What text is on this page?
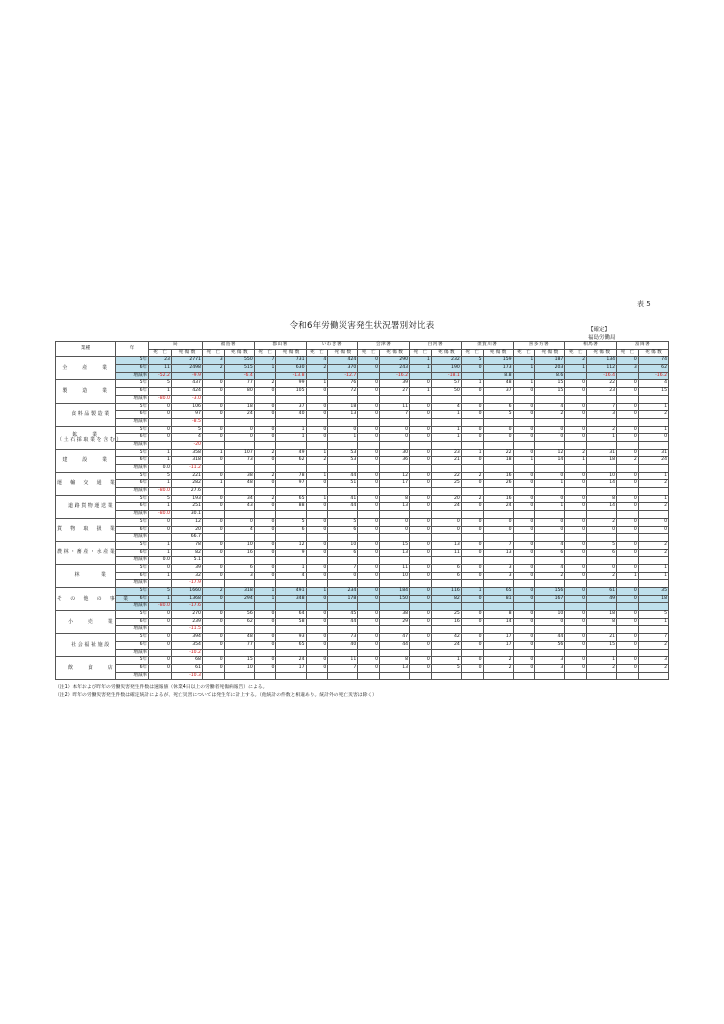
表 5
令和6年労働災害発生状況署別対比表	【確定】
福島労働局
業種	年	局		福島署		郡山署		いわき署		会津署		白河署		須賀川署		喜多方署		相馬署		富岡署	
		死　亡	死 傷 数	死　亡	死 傷 数	死　亡	死 傷 数	死　亡	死 傷 数	死　亡	死 傷 数	死　亡	死 傷 数	死　亡	死 傷 数	死　亡	死 傷 数	死　亡	死 傷 数	死　亡	死 傷 数
全　　産　　業	5年	23	2771	3	550	7	731	4	424	0	290	1	232	5	159	1	187	2	134	0	74
	6年	11	2498	2	515	1	630	2	370	0	243	1	190	0	173	1	203	1	112	3	62
	増減率	-52.2	-9.9		-6.4		-13.8		-12.7		-16.2		-18.1		8.8		8.6		-16.4		-16.2
製　　造　　業	5年	5	437	0	77	2	99	1	76	0	39	0	57	1	48	1	15	0	22	0	4
	6年	1	424	0	80	0	105	0	72	0	27	1	50	0	37	0	15	0	23	0	15
	増減率	-80.0	-3.0																		
食料品製造業	5年	0	106	0	18	0	37	0	18	0	11	0	4	0	6	0	4	0	7	0	1
	6年	0	97	0	24	0	40	0	13	0	7	0	1	0	5	0	2	0	3	0	2
	増減率		-8.5																		
鉱　　業
（土石採取業を含む）	5年	0	5	0	0	0	1	0	0	0	0	0	1	0	0	0	0	0	2	0	1
	6年	0	4	0	0	0	1	0	1	0	0	0	1	0	0	0	0	0	1	0	0
	増減率		-20																		
建　　設　　業	5年	1	358	1	107	2	49	1	53	0	30	0	23	1	22	0	12	2	31	0	31
	6年	1	318	0	73	0	62	2	53	0	36	0	21	0	18	1	14	1	18	2	24
	増減率	0.0	-11.2																		
運　輸　交　通　業	5年	5	221	0	38	2	78	1	44	0	12	0	22	2	16	0	0	0	10	0	1
	6年	1	282	1	48	0	97	0	51	0	17	0	25	0	26	0	1	0	14	0	2
	増減率	-80.0	27.6																		
道路貨物運送業	5年	5	193	0	34	2	65	1	41	0	8	0	20	2	16	0	0	0	8	0	1
	6年	1	251	0	43	0	88	0	44	0	13	0	24	0	24	0	1	0	14	0	2
	増減率	-80.0	30.1																		
貨　物　取　扱　業	5年	0	12	0	0	0	5	0	5	0	0	0	0	0	0	0	0	0	2	0	0
	6年	0	20	0	4	0	6	0	6	0	0	0	0	0	0	0	0	0	0	0	0
	増減率		66.7																		
農林・畜産・水産業	5年	1	78	0	10	0	12	0	10	0	15	0	13	0	7	0	4	0	5	0	2
	6年	1	82	0	16	0	9	0	6	0	13	0	11	0	13	0	6	0	6	0	2
	増減率	0.0	5.1																		
林　　　業	5年	0	39	0	6	0	1	0	7	0	11	0	6	0	3	0	4	0	0	0	1
	6年	1	32	0	3	0	4	0	0	0	10	0	6	0	3	0	2	0	2	1	1
	増減率		-17.9																		
そ　の　他　の　事　業	5年	5	1660	2	318	1	491	1	234	0	184	0	116	1	65	0	156	0	61	0	35
	6年	1	1368	0	294	1	348	0	178	0	150	0	82	0	81	0	167	0	49	0	18
	増減率	-80.0	-17.6																		
小　　売　　業	5年	0	270	0	56	0	64	0	45	0	38	0	25	0	8	0	10	0	18	0	5
	6年	0	239	0	62	0	58	0	44	0	29	0	16	0	14	0	0	0	8	0	1
	増減率		-11.5																		
社会福祉施設	5年	0	394	0	48	0	93	0	73	0	47	0	42	0	17	0	44	0	21	0	7
	6年	0	354	0	77	0	65	0	40	0	44	0	24	0	17	0	56	0	15	0	2
	増減率		-10.2																		
飲　　食　　店	5年	0	68	0	15	0	24	0	11	0	8	0	1	0	2	0	3	0	1	0	3
	6年	0	61	0	10	0	17	0	7	0	13	0	5	0	2	0	3	0	2	0	2
	増減率		-10.3																		
（注1）本年および昨年の労働災害発生件数は速報値（休業4日以上の労働者死傷病報告）による。
（注2）昨年の労働災害発生件数は確定統計によるが、死亡災害については発生年に計上する。（他統計の件数と相違あり。統計外の死亡災害は除く）
